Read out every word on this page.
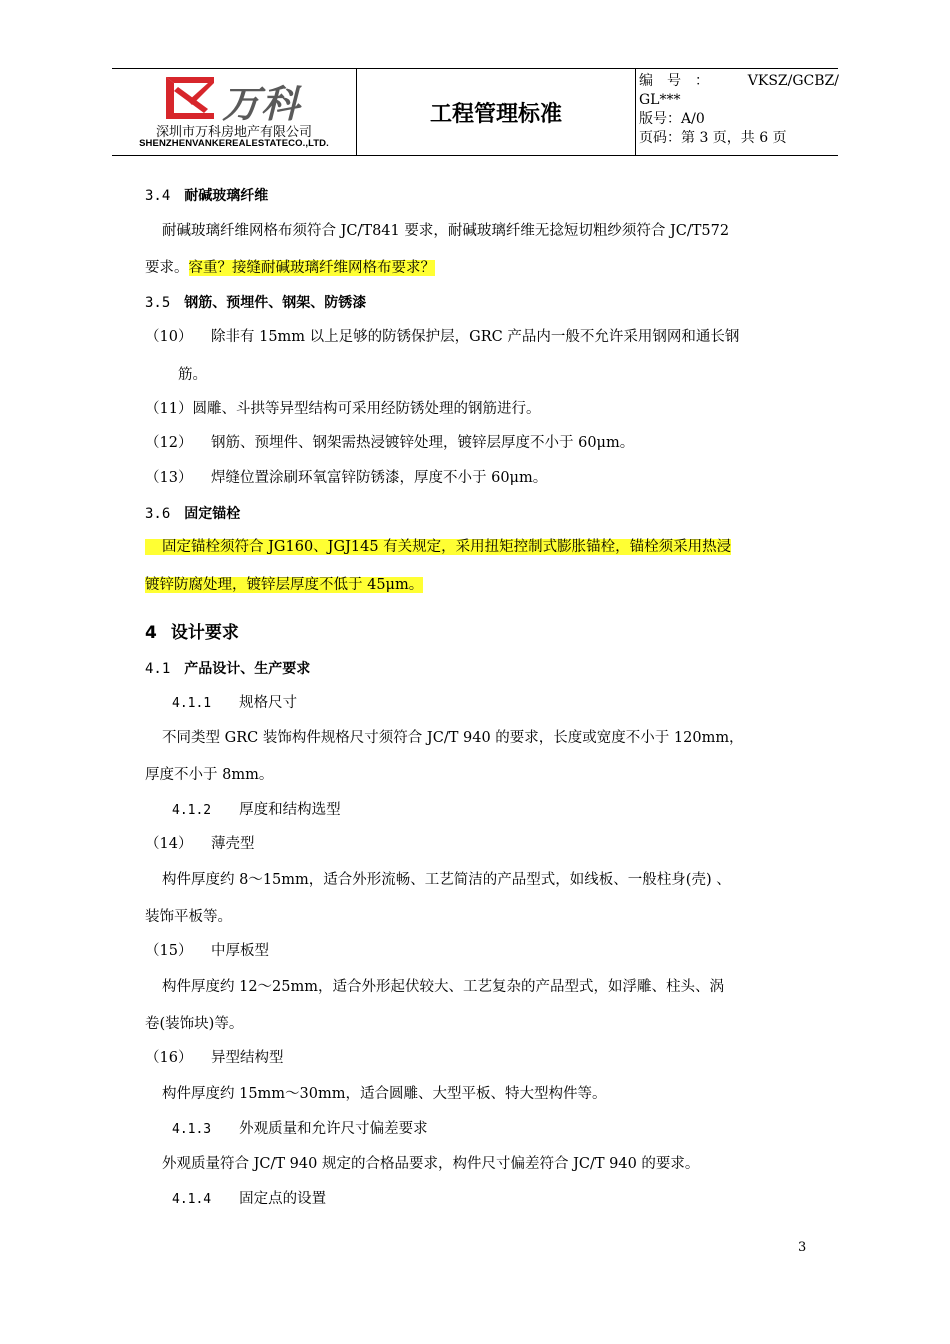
万科
深圳市万科房地产有限公司
SHENZHENVANKEREALESTATECO.,LTD.
工程管理标准
编　号　：	VKSZ/GCBZ/
GL***
版号：A/0
页码：第 3 页，共 6 页
3.4 耐碱玻璃纤维
耐碱玻璃纤维网格布须符合 JC/T841 要求，耐碱玻璃纤维无捻短切粗纱须符合 JC/T572
要求。容重？接缝耐碱玻璃纤维网格布要求？
3.5 钢筋、预埋件、钢架、防锈漆
（10） 除非有 15mm 以上足够的防锈保护层，GRC 产品内一般不允许采用钢网和通长钢
筋。
（11）圆雕、斗拱等异型结构可采用经防锈处理的钢筋进行。
（12） 钢筋、预埋件、钢架需热浸镀锌处理，镀锌层厚度不小于 60μm。
（13） 焊缝位置涂刷环氧富锌防锈漆，厚度不小于 60μm。
3.6 固定锚栓
固定锚栓须符合 JG160、JGJ145 有关规定，采用扭矩控制式膨胀锚栓，锚栓须采用热浸
镀锌防腐处理，镀锌层厚度不低于 45μm。
4 设计要求
4.1 产品设计、生产要求
4.1.1 规格尺寸
不同类型 GRC 装饰构件规格尺寸须符合 JC/T 940 的要求，长度或宽度不小于 120mm，
厚度不小于 8mm。
4.1.2 厚度和结构选型
（14） 薄壳型
构件厚度约 8～15mm，适合外形流畅、工艺简洁的产品型式，如线板、一般柱身(壳) 、
装饰平板等。
（15） 中厚板型
构件厚度约 12～25mm，适合外形起伏较大、工艺复杂的产品型式，如浮雕、柱头、涡
卷(装饰块)等。
（16） 异型结构型
构件厚度约 15mm～30mm，适合圆雕、大型平板、特大型构件等。
4.1.3 外观质量和允许尺寸偏差要求
外观质量符合 JC/T 940 规定的合格品要求，构件尺寸偏差符合 JC/T 940 的要求。
4.1.4 固定点的设置
3
